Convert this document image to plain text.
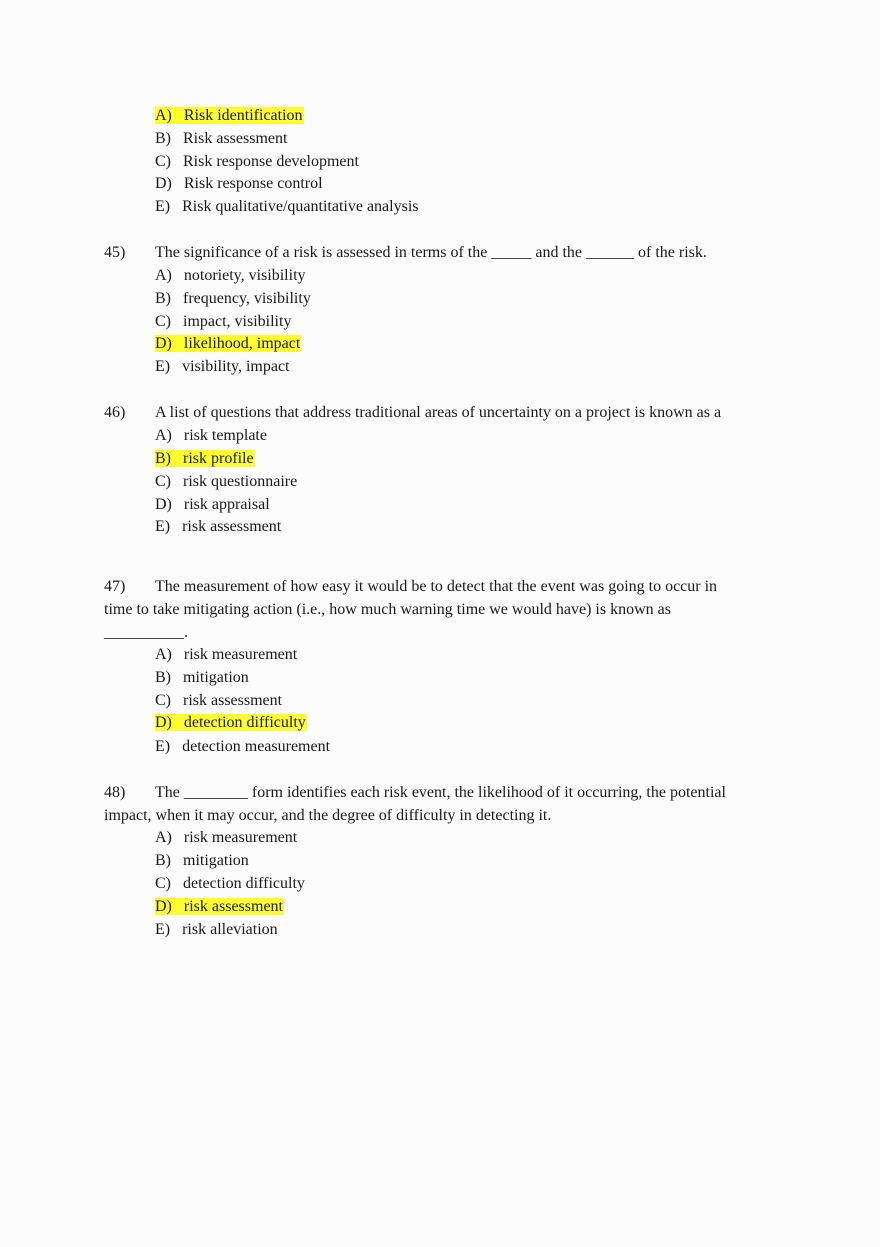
A)   Risk identification
B)   Risk assessment
C)   Risk response development
D)   Risk response control
E)   Risk qualitative/quantitative analysis
45) The significance of a risk is assessed in terms of the _____ and the ______ of the risk.
A)   notoriety, visibility
B)   frequency, visibility
C)   impact, visibility
D)   likelihood, impact
E)   visibility, impact
46) A list of questions that address traditional areas of uncertainty on a project is known as a
A)   risk template
B)   risk profile
C)   risk questionnaire
D)   risk appraisal
E)   risk assessment
47) The measurement of how easy it would be to detect that the event was going to occur in
time to take mitigating action (i.e., how much warning time we would have) is known as
__________.
A)   risk measurement
B)   mitigation
C)   risk assessment
D)   detection difficulty
E)   detection measurement
48) The ________ form identifies each risk event, the likelihood of it occurring, the potential
impact, when it may occur, and the degree of difficulty in detecting it.
A)   risk measurement
B)   mitigation
C)   detection difficulty
D)   risk assessment
E)   risk alleviation
